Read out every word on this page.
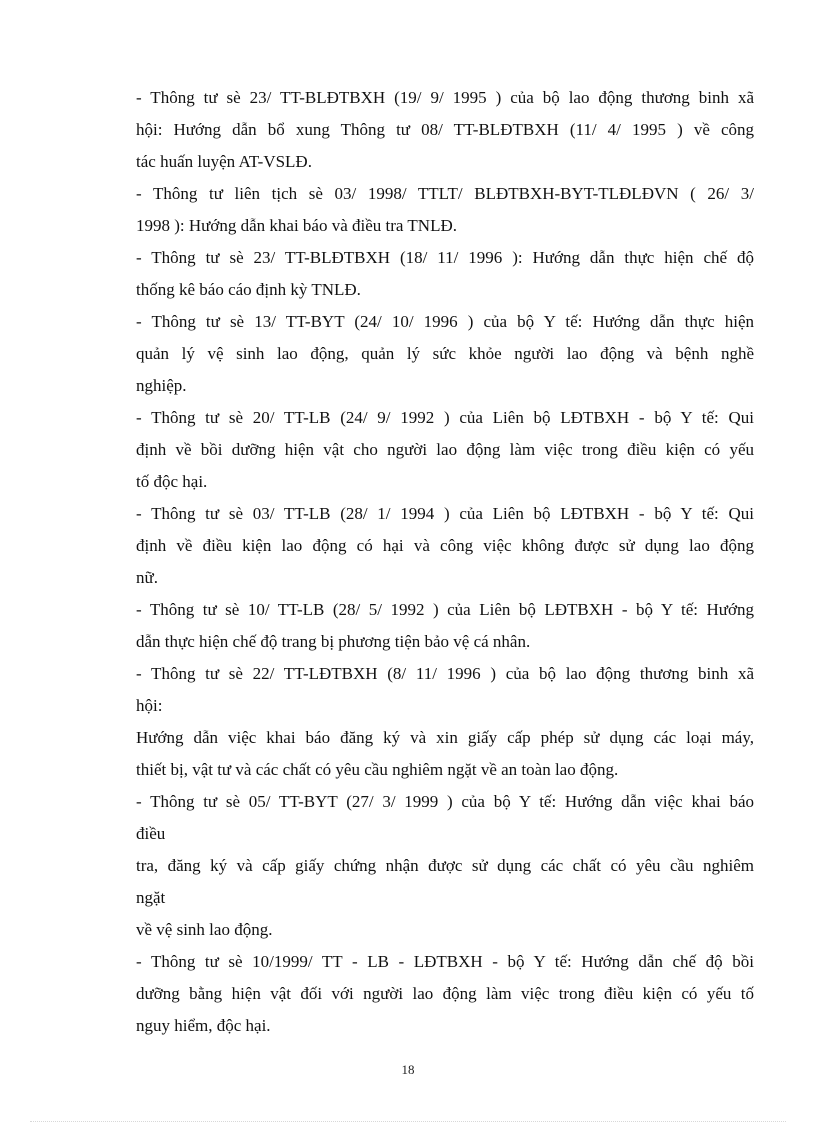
- Thông tư sè 23/ TT-BLĐTBXH (19/ 9/ 1995 ) của bộ lao động thương binh xã
hội: Hướng dẫn bổ xung Thông tư 08/ TT-BLĐTBXH (11/ 4/ 1995 ) về công
tác huấn luyện AT-VSLĐ.
- Thông tư liên tịch sè 03/ 1998/ TTLT/ BLĐTBXH-BYT-TLĐLĐVN ( 26/ 3/
1998 ): Hướng dẫn khai báo và điều tra TNLĐ.
- Thông tư sè 23/ TT-BLĐTBXH (18/ 11/ 1996 ): Hướng dẫn thực hiện chế độ
thống kê báo cáo định kỳ TNLĐ.
- Thông tư sè 13/ TT-BYT (24/ 10/ 1996 ) của bộ Y tế: Hướng dẫn thực hiện
quản lý vệ sinh lao động, quản lý sức khỏe người lao động và bệnh nghề
nghiệp.
- Thông tư sè 20/ TT-LB (24/ 9/ 1992 ) của Liên bộ LĐTBXH - bộ Y tế: Qui
định về bồi dưỡng hiện vật cho người lao động làm việc trong điều kiện có yếu
tố độc hại.
- Thông tư sè 03/ TT-LB (28/ 1/ 1994 ) của Liên bộ LĐTBXH - bộ Y tế: Qui
định về điều kiện lao động có hại và công việc không được sử dụng lao động
nữ.
- Thông tư sè 10/ TT-LB (28/ 5/ 1992 ) của Liên bộ LĐTBXH - bộ Y tế: Hướng
dẫn thực hiện chế độ trang bị phương tiện bảo vệ cá nhân.
- Thông tư sè 22/ TT-LĐTBXH (8/ 11/ 1996 ) của bộ lao động thương binh xã
hội:
Hướng dẫn việc khai báo đăng ký và xin giấy cấp phép sử dụng các loại máy,
thiết bị, vật tư và các chất có yêu cầu nghiêm ngặt về an toàn lao động.
- Thông tư sè 05/ TT-BYT (27/ 3/ 1999 ) của bộ Y tế: Hướng dẫn việc khai báo
điều
tra, đăng ký và cấp giấy chứng nhận được sử dụng các chất có yêu cầu nghiêm
ngặt
về vệ sinh lao động.
- Thông tư sè 10/1999/ TT - LB - LĐTBXH - bộ Y tế: Hướng dẫn chế độ bồi
dưỡng bằng hiện vật đối với người lao động làm việc trong điều kiện có yếu tố
nguy hiểm, độc hại.
18
